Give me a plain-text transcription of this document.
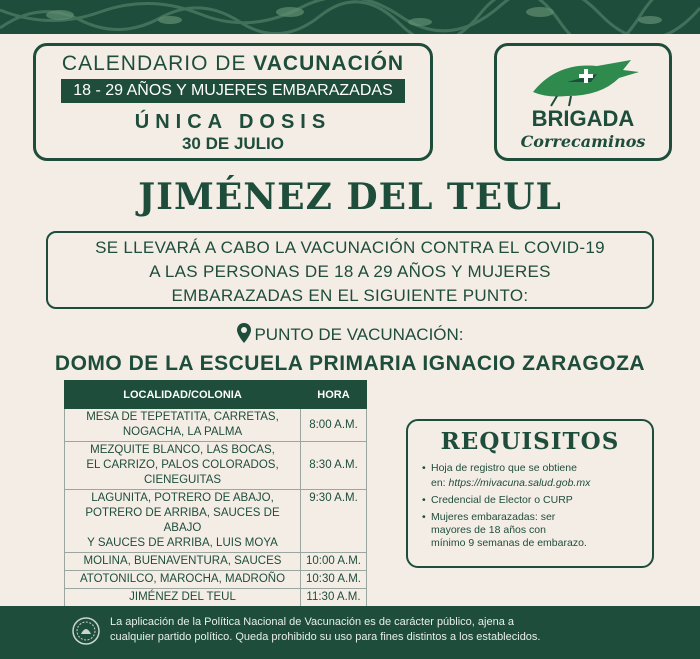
CALENDARIO DE VACUNACIÓN
18 - 29 AÑOS Y MUJERES EMBARAZADAS
ÚNICA DOSIS
30 DE JULIO
BRIGADA
Correcaminos
JIMÉNEZ DEL TEUL
SE LLEVARÁ A CABO LA VACUNACIÓN CONTRA EL COVID-19
A LAS PERSONAS DE 18 A 29 AÑOS Y MUJERES
EMBARAZADAS EN EL SIGUIENTE PUNTO:
PUNTO DE VACUNACIÓN:
DOMO DE LA ESCUELA PRIMARIA IGNACIO ZARAGOZA
LOCALIDAD/COLONIA	HORA

MESA DE TEPETATITA, CARRETAS,
NOGACHA, LA PALMA	8:00 A.M.

MEZQUITE BLANCO, LAS BOCAS,
EL CARRIZO, PALOS COLORADOS,
CIENEGUITAS	8:30 A.M.

LAGUNITA, POTRERO DE ABAJO,
POTRERO DE ARRIBA, SAUCES DE ABAJO
Y SAUCES DE ARRIBA, LUIS MOYA	9:30 A.M.
MOLINA, BUENAVENTURA, SAUCES	10:00 A.M.
ATOTONILCO, MAROCHA, MADROÑO	10:30 A.M.
JIMÉNEZ DEL TEUL	11:30 A.M.
REQUISITOS
• Hoja de registro que se obtiene
en: https://mivacuna.salud.gob.mx
• Credencial de Elector o CURP
• Mujeres embarazadas: ser
mayores de 18 años con
mínimo 9 semanas de embarazo.
La aplicación de la Política Nacional de Vacunación es de carácter público, ajena a
cualquier partido político. Queda prohibido su uso para fines distintos a los establecidos.
